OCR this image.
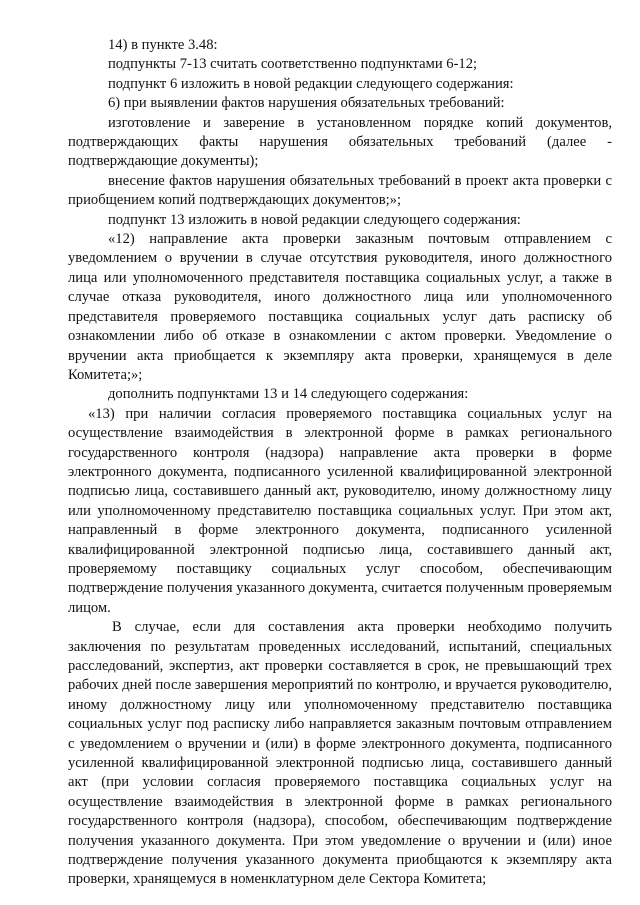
14) в пункте 3.48:

подпункты 7-13 считать соответственно подпунктами 6-12;

подпункт 6 изложить в новой редакции следующего содержания:

6) при выявлении фактов нарушения обязательных требований:

изготовление и заверение в установленном порядке копий документов, подтверждающих факты нарушения обязательных требований (далее - подтверждающие документы);

внесение фактов нарушения обязательных требований в проект акта проверки с приобщением копий подтверждающих документов;»;

подпункт 13 изложить в новой редакции следующего содержания:

«12) направление акта проверки заказным почтовым отправлением с уведомлением о вручении в случае отсутствия руководителя, иного должностного лица или уполномоченного представителя поставщика социальных услуг, а также в случае отказа руководителя, иного должностного лица или уполномоченного представителя проверяемого поставщика социальных услуг дать расписку об ознакомлении либо об отказе в ознакомлении с актом проверки. Уведомление о вручении акта приобщается к экземпляру акта проверки, хранящемуся в деле Комитета;»;

дополнить подпунктами 13 и 14 следующего содержания:

«13) при наличии согласия проверяемого поставщика социальных услуг на осуществление взаимодействия в электронной форме в рамках регионального государственного контроля (надзора) направление акта проверки в форме электронного документа, подписанного усиленной квалифицированной электронной подписью лица, составившего данный акт, руководителю, иному должностному лицу или уполномоченному представителю поставщика социальных услуг. При этом акт, направленный в форме электронного документа, подписанного усиленной квалифицированной электронной подписью лица, составившего данный акт, проверяемому поставщику социальных услуг способом, обеспечивающим подтверждение получения указанного документа, считается полученным проверяемым лицом.

В случае, если для составления акта проверки необходимо получить заключения по результатам проведенных исследований, испытаний, специальных расследований, экспертиз, акт проверки составляется в срок, не превышающий трех рабочих дней после завершения мероприятий по контролю, и вручается руководителю, иному должностному лицу или уполномоченному представителю поставщика социальных услуг под расписку либо направляется заказным почтовым отправлением с уведомлением о вручении и (или) в форме электронного документа, подписанного усиленной квалифицированной электронной подписью лица, составившего данный акт (при условии согласия проверяемого поставщика социальных услуг на осуществление взаимодействия в электронной форме в рамках регионального государственного контроля (надзора), способом, обеспечивающим подтверждение получения указанного документа. При этом уведомление о вручении и (или) иное подтверждение получения указанного документа приобщаются к экземпляру акта проверки, хранящемуся в номенклатурном деле Сектора Комитета;
